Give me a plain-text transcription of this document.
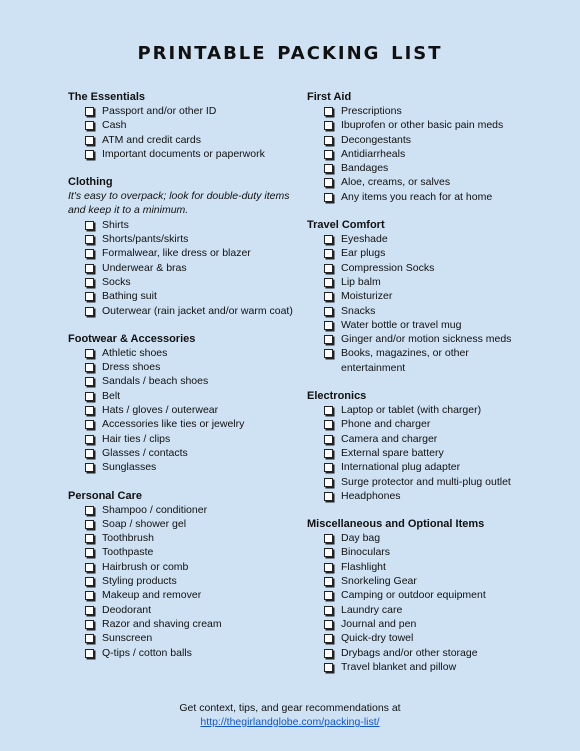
printable packing list
The Essentials
Passport and/or other ID
Cash
ATM and credit cards
Important documents or paperwork
Clothing

It's easy to overpack; look for double-duty items and keep it to a minimum.

Shirts
Shorts/pants/skirts
Formalwear, like dress or blazer
Underwear & bras
Socks
Bathing suit
Outerwear (rain jacket and/or warm coat)
Footwear & Accessories
Athletic shoes
Dress shoes
Sandals / beach shoes
Belt
Hats / gloves / outerwear
Accessories like ties or jewelry
Hair ties / clips
Glasses / contacts
Sunglasses
Personal Care
Shampoo / conditioner
Soap / shower gel
Toothbrush
Toothpaste
Hairbrush or comb
Styling products
Makeup and remover
Deodorant
Razor and shaving cream
Sunscreen
Q-tips / cotton balls
First Aid
Prescriptions
Ibuprofen or other basic pain meds
Decongestants
Antidiarrheals
Bandages
Aloe, creams, or salves
Any items you reach for at home
Travel Comfort
Eyeshade
Ear plugs
Compression Socks
Lip balm
Moisturizer
Snacks
Water bottle or travel mug
Ginger and/or motion sickness meds
Books, magazines, or other entertainment
Electronics
Laptop or tablet (with charger)
Phone and charger
Camera and charger
External spare battery
International plug adapter
Surge protector and multi-plug outlet
Headphones
Miscellaneous and Optional Items
Day bag
Binoculars
Flashlight
Snorkeling Gear
Camping or outdoor equipment
Laundry care
Journal and pen
Quick-dry towel
Drybags and/or other storage
Travel blanket and pillow
Get context, tips, and gear recommendations at
http://thegirlandglobe.com/packing-list/
